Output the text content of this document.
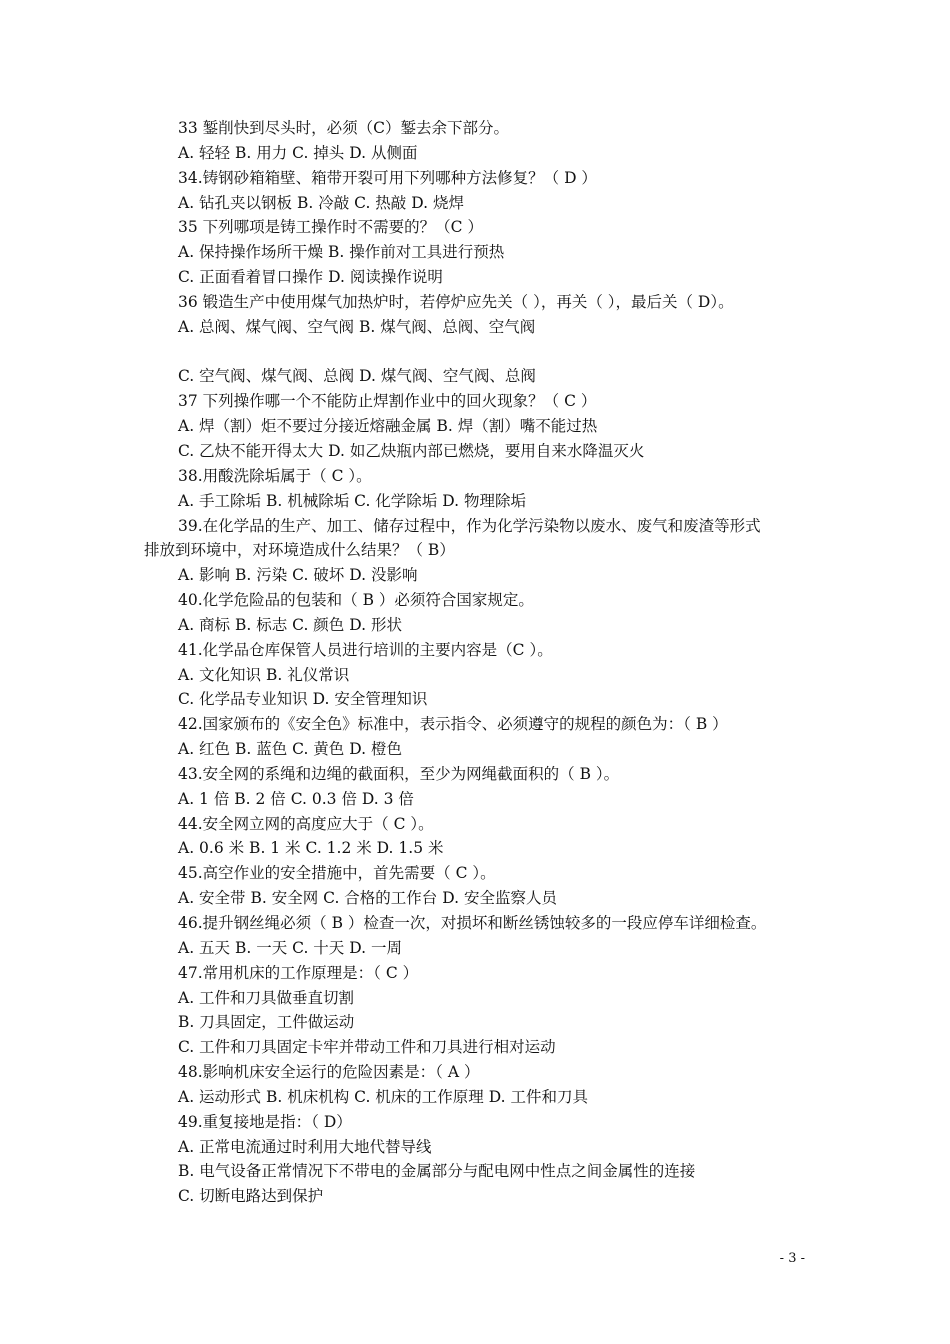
33 錾削快到尽头时，必须（C）錾去余下部分。
A. 轻轻 B. 用力 C. 掉头 D. 从侧面
34.铸钢砂箱箱壁、箱带开裂可用下列哪种方法修复？（ D ）
A. 钻孔夹以钢板 B. 冷敲 C. 热敲 D. 烧焊
35 下列哪项是铸工操作时不需要的？（C ）
A. 保持操作场所干燥 B. 操作前对工具进行预热
C. 正面看着冒口操作 D. 阅读操作说明
36 锻造生产中使用煤气加热炉时，若停炉应先关（ ），再关（ ），最后关（ D）。
A. 总阀、煤气阀、空气阀 B. 煤气阀、总阀、空气阀
C. 空气阀、煤气阀、总阀 D. 煤气阀、空气阀、总阀
37 下列操作哪一个不能防止焊割作业中的回火现象？（ C ）
A. 焊（割）炬不要过分接近熔融金属 B. 焊（割）嘴不能过热
C. 乙炔不能开得太大 D. 如乙炔瓶内部已燃烧，要用自来水降温灭火
38.用酸洗除垢属于（ C ）。
A. 手工除垢 B. 机械除垢 C. 化学除垢 D. 物理除垢
39.在化学品的生产、加工、储存过程中，作为化学污染物以废水、废气和废渣等形式
排放到环境中，对环境造成什么结果？（ B）
A. 影响 B. 污染 C. 破坏 D. 没影响
40.化学危险品的包装和（ B ）必须符合国家规定。
A. 商标 B. 标志 C. 颜色 D. 形状
41.化学品仓库保管人员进行培训的主要内容是（C ）。
A. 文化知识 B. 礼仪常识
C. 化学品专业知识 D. 安全管理知识
42.国家颁布的《安全色》标准中，表示指令、必须遵守的规程的颜色为：（ B ）
A. 红色 B. 蓝色 C. 黄色 D. 橙色
43.安全网的系绳和边绳的截面积，至少为网绳截面积的（ B ）。
A. 1 倍 B. 2 倍 C. 0.3 倍 D. 3 倍
44.安全网立网的高度应大于（ C ）。
A. 0.6 米 B. 1 米 C. 1.2 米 D. 1.5 米
45.高空作业的安全措施中，首先需要（ C ）。
A. 安全带 B. 安全网 C. 合格的工作台 D. 安全监察人员
46.提升钢丝绳必须（ B ）检查一次，对损坏和断丝锈蚀较多的一段应停车详细检查。
A. 五天 B. 一天 C. 十天 D. 一周
47.常用机床的工作原理是：（ C ）
A. 工件和刀具做垂直切割
B. 刀具固定，工件做运动
C. 工件和刀具固定卡牢并带动工件和刀具进行相对运动
48.影响机床安全运行的危险因素是：（ A ）
A. 运动形式 B. 机床机构 C. 机床的工作原理 D. 工件和刀具
49.重复接地是指：（ D）
A. 正常电流通过时利用大地代替导线
B. 电气设备正常情况下不带电的金属部分与配电网中性点之间金属性的连接
C. 切断电路达到保护
- 3 -
